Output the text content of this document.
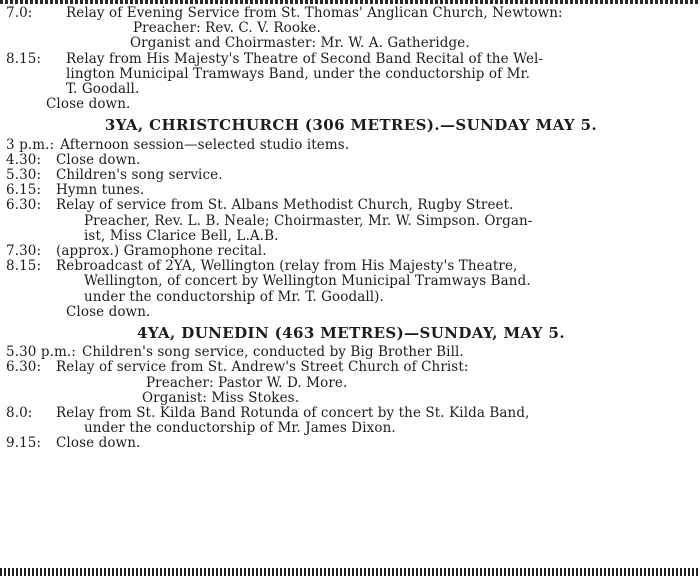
7.0:	Relay of Evening Service from St. Thomas' Anglican Church, Newtown:
Preacher: Rev. C. V. Rooke.
Organist and Choirmaster: Mr. W. A. Gatheridge.
8.15:	Relay from His Majesty's Theatre of Second Band Recital of the Wel-
lington Municipal Tramways Band, under the conductorship of Mr.
T. Goodall.
Close down.
3YA, CHRISTCHURCH (306 METRES).—SUNDAY MAY 5.
3 p.m.: Afternoon session—selected studio items.
4.30:	Close down.
5.30:	Children's song service.
6.15:	Hymn tunes.
6.30:	Relay of service from St. Albans Methodist Church, Rugby Street.
Preacher, Rev. L. B. Neale; Choirmaster, Mr. W. Simpson. Organ-
ist, Miss Clarice Bell, L.A.B.
7.30:	(approx.) Gramophone recital.
8.15:	Rebroadcast of 2YA, Wellington (relay from His Majesty's Theatre,
Wellington, of concert by Wellington Municipal Tramways Band.
under the conductorship of Mr. T. Goodall).
Close down.
4YA, DUNEDIN (463 METRES)—SUNDAY, MAY 5.
5.30 p.m.: Children's song service, conducted by Big Brother Bill.
6.30:	Relay of service from St. Andrew's Street Church of Christ:
Preacher: Pastor W. D. More.
Organist: Miss Stokes.
8.0:	Relay from St. Kilda Band Rotunda of concert by the St. Kilda Band,
under the conductorship of Mr. James Dixon.
9.15:	Close down.
